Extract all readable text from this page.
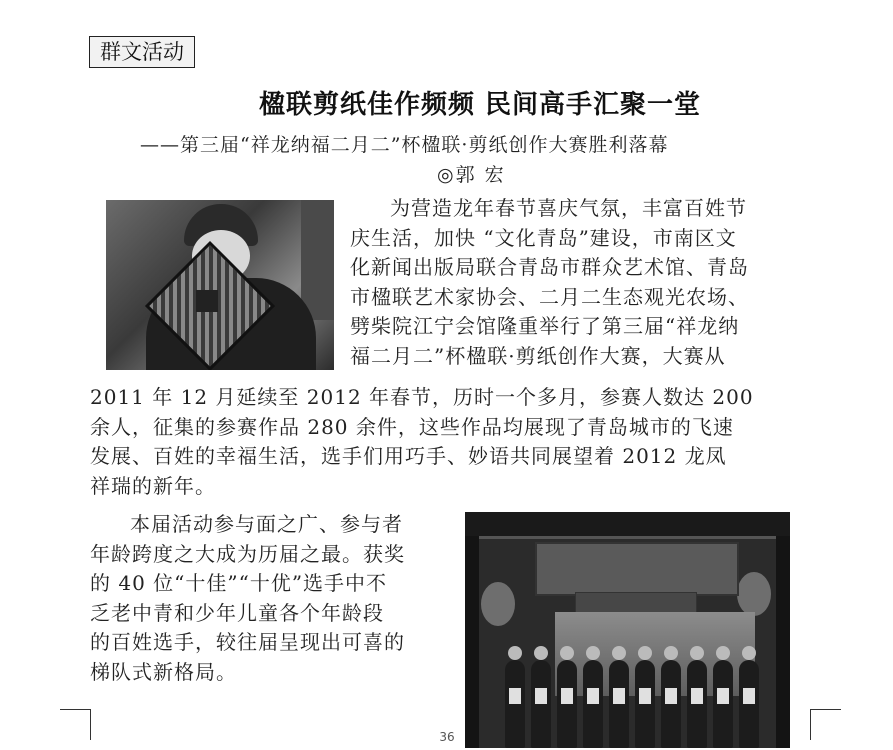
群文活动
楹联剪纸佳作频频 民间高手汇聚一堂
——第三届“祥龙纳福二月二”杯楹联·剪纸创作大赛胜利落幕
◎郭 宏
为营造龙年春节喜庆气氛，丰富百姓节
庆生活，加快 “文化青岛”建设，市南区文
化新闻出版局联合青岛市群众艺术馆、青岛
市楹联艺术家协会、二月二生态观光农场、
劈柴院江宁会馆隆重举行了第三届“祥龙纳
福二月二”杯楹联·剪纸创作大赛，大赛从
2011 年 12 月延续至 2012 年春节，历时一个多月，参赛人数达 200
余人，征集的参赛作品 280 余件，这些作品均展现了青岛城市的飞速
发展、百姓的幸福生活，选手们用巧手、妙语共同展望着 2012 龙凤
祥瑞的新年。
本届活动参与面之广、参与者
年龄跨度之大成为历届之最。获奖
的 40 位“十佳”“十优”选手中不
乏老中青和少年儿童各个年龄段
的百姓选手，较往届呈现出可喜的
梯队式新格局。
36
